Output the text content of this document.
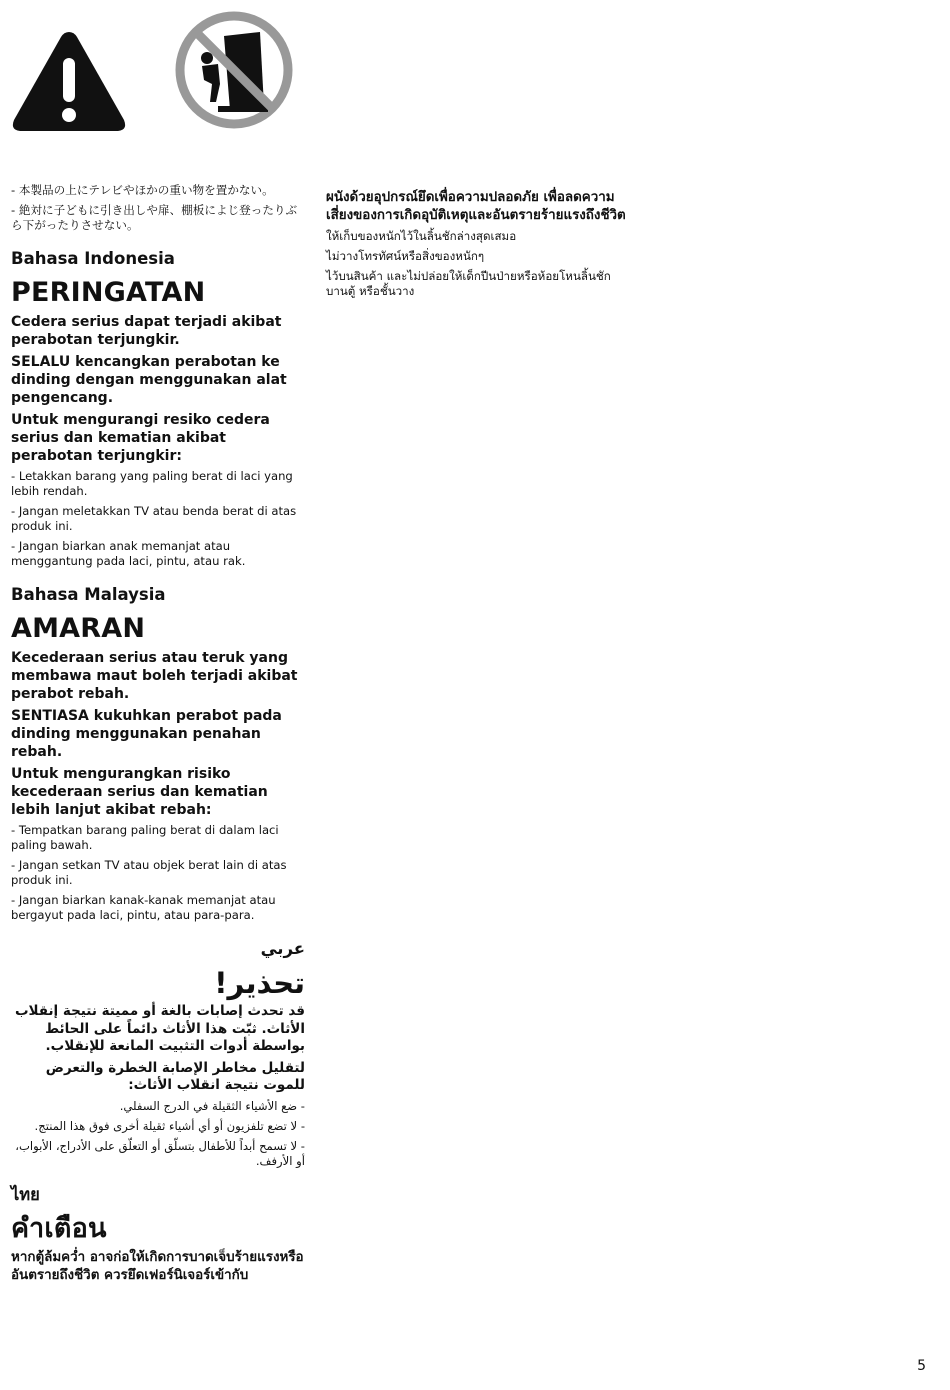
- 本製品の上にテレビやほかの重い物を置かない。

- 絶対に子どもに引き出しや扉、棚板によじ登ったりぶら下がったりさせない。

Bahasa Indonesia
PERINGATAN

Cedera serius dapat terjadi akibat perabotan terjungkir.

SELALU kencangkan perabotan ke dinding dengan menggunakan alat pengencang.

Untuk mengurangi resiko cedera serius dan kematian akibat perabotan terjungkir:

- Letakkan barang yang paling berat di laci yang lebih rendah.

- Jangan meletakkan TV atau benda berat di atas produk ini.

- Jangan biarkan anak memanjat atau menggantung pada laci, pintu, atau rak.

Bahasa Malaysia
AMARAN

Kecederaan serius atau teruk yang membawa maut boleh terjadi akibat perabot rebah.

SENTIASA kukuhkan perabot pada dinding menggunakan penahan rebah.

Untuk mengurangkan risiko kecederaan serius dan kematian lebih lanjut akibat rebah:

- Tempatkan barang paling berat di dalam laci paling bawah.

- Jangan setkan TV atau objek berat lain di atas produk ini.

- Jangan biarkan kanak-kanak memanjat atau bergayut pada laci, pintu, atau para-para.

عربي
تحذير!

قد تحدث إصابات بالغة أو مميتة نتيجة إنقلاب الأثاث. ثبّت هذا الأثاث دائماً على الحائط بواسطة أدوات التثبيت المانعة للإنقلاب.

لتقليل مخاطر الإصابة الخطرة والتعرض للموت نتيجة انقلاب الأثاث:

- ضع الأشياء الثقيلة في الدرج السفلي.

- لا تضع تلفزيون أو أي أشياء ثقيلة أخرى فوق هذا المنتج.

- لا تسمح أبداً للأطفال بتسلّق أو التعلّق على الأدراج، الأبواب، أو الأرفف.

ไทย
คำเตือน

หากตู้ล้มคว่ำ อาจก่อให้เกิดการบาดเจ็บร้ายแรงหรืออันตรายถึงชีวิต ควรยึดเฟอร์นิเจอร์เข้ากับ

ผนังด้วยอุปกรณ์ยึดเพื่อความปลอดภัย เพื่อลดความเสี่ยงของการเกิดอุบัติเหตุและอันตรายร้ายแรงถึงชีวิต

ให้เก็บของหนักไว้ในลิ้นชักล่างสุดเสมอ

ไม่วางโทรทัศน์หรือสิ่งของหนักๆ

ไว้บนสินค้า และไม่ปล่อยให้เด็กปีนป่ายหรือห้อยโหนลิ้นชัก บานตู้ หรือชั้นวาง

5
